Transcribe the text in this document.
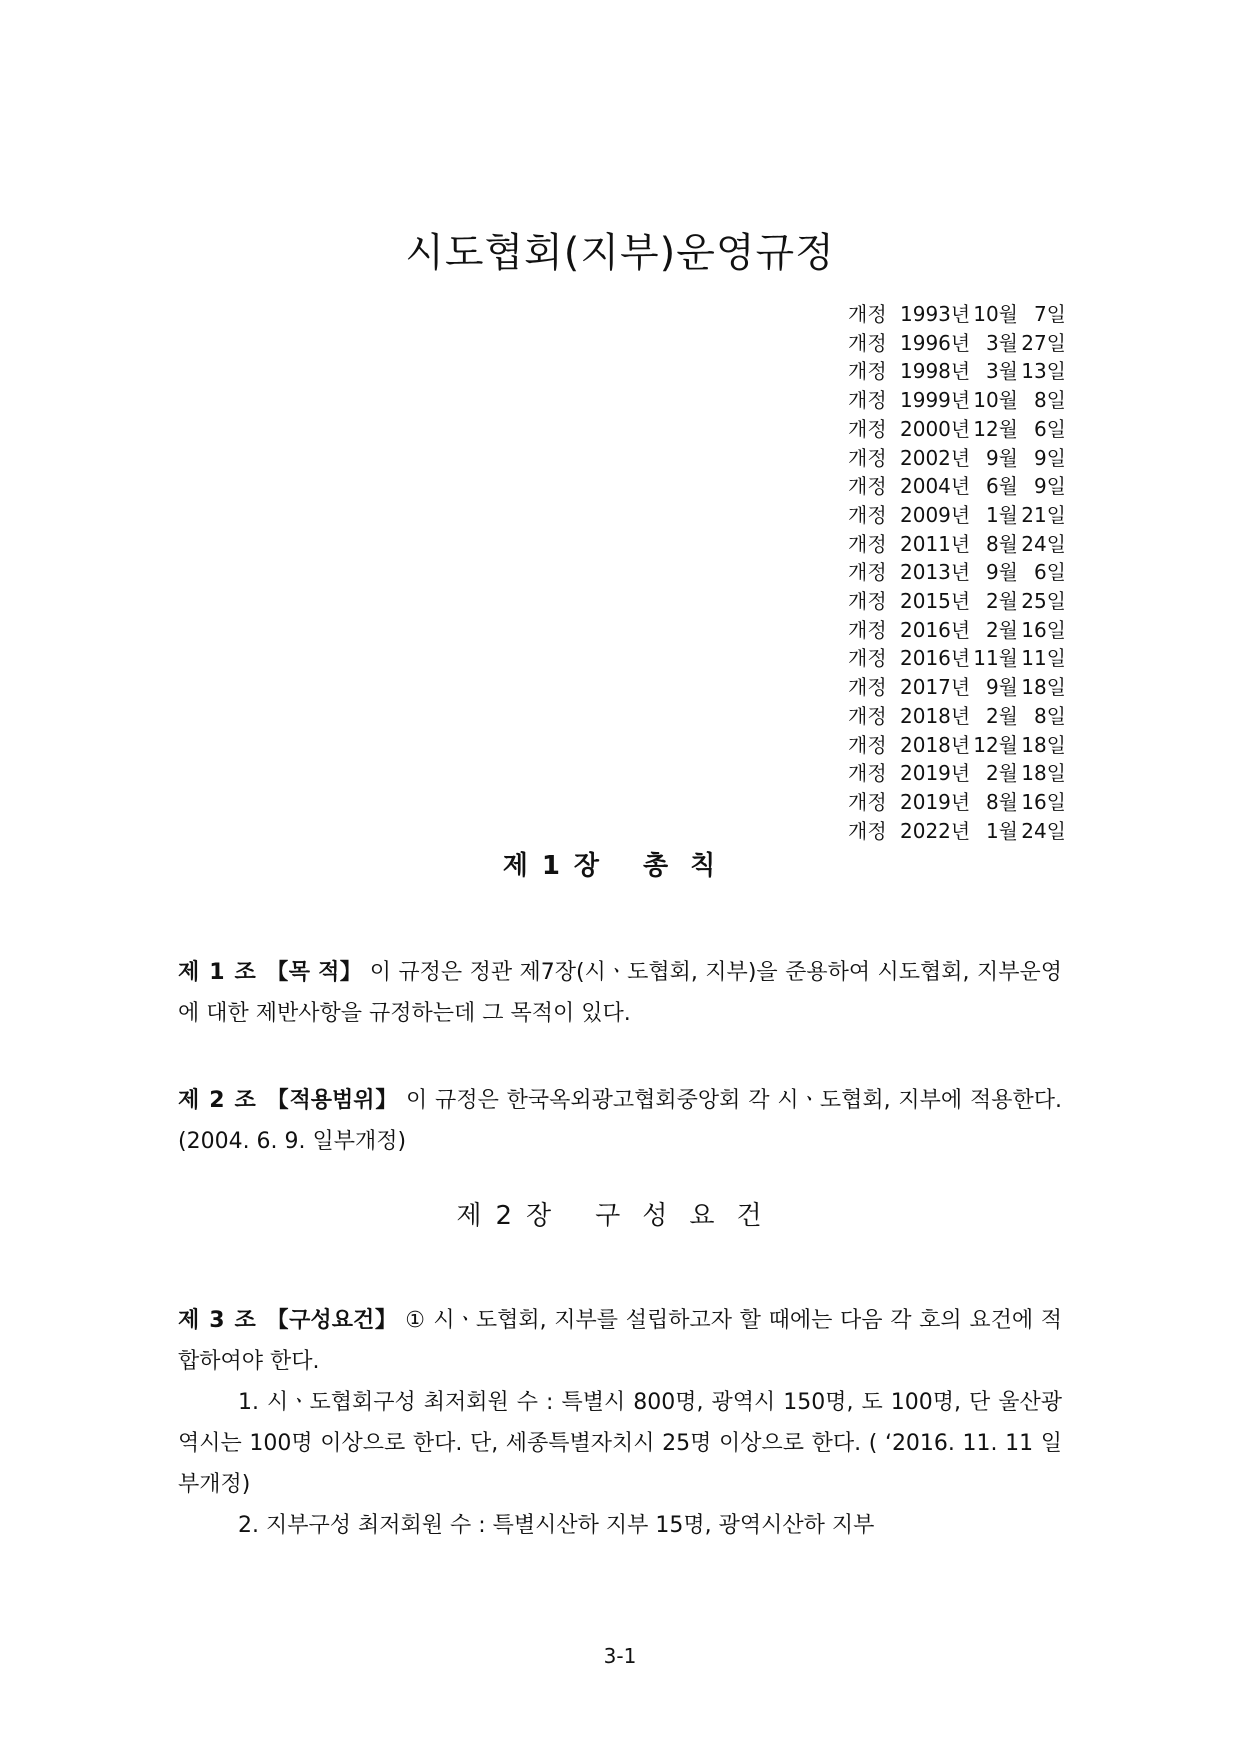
시도협회(지부)운영규정
개정 1993년 10월 7일
개정 1996년 3월 27일
개정 1998년 3월 13일
개정 1999년 10월 8일
개정 2000년 12월 6일
개정 2002년 9월 9일
개정 2004년 6월 9일
개정 2009년 1월 21일
개정 2011년 8월 24일
개정 2013년 9월 6일
개정 2015년 2월 25일
개정 2016년 2월 16일
개정 2016년 11월 11일
개정 2017년 9월 18일
개정 2018년 2월 8일
개정 2018년 12월 18일
개정 2019년 2월 18일
개정 2019년 8월 16일
개정 2022년 1월 24일
제1장 총칙

제1조【목 적】 이 규정은 정관 제7장(시ㆍ도협회, 지부)을 준용하여 시도협회, 지부운영에 대한 제반사항을 규정하는데 그 목적이 있다.

제2조【적용범위】 이 규정은 한국옥외광고협회중앙회 각 시ㆍ도협회, 지부에 적용한다. (2004. 6. 9. 일부개정)

제2장 구성요건

제3조【구성요건】 ① 시ㆍ도협회, 지부를 설립하고자 할 때에는 다음 각 호의 요건에 적합하여야 한다.

1. 시ㆍ도협회구성 최저회원 수 : 특별시 800명, 광역시 150명, 도 100명, 단 울산광역시는 100명 이상으로 한다. 단, 세종특별자치시 25명 이상으로 한다. ( ‘2016. 11. 11 일부개정)

2. 지부구성 최저회원 수 : 특별시산하 지부 15명, 광역시산하 지부

3-1
